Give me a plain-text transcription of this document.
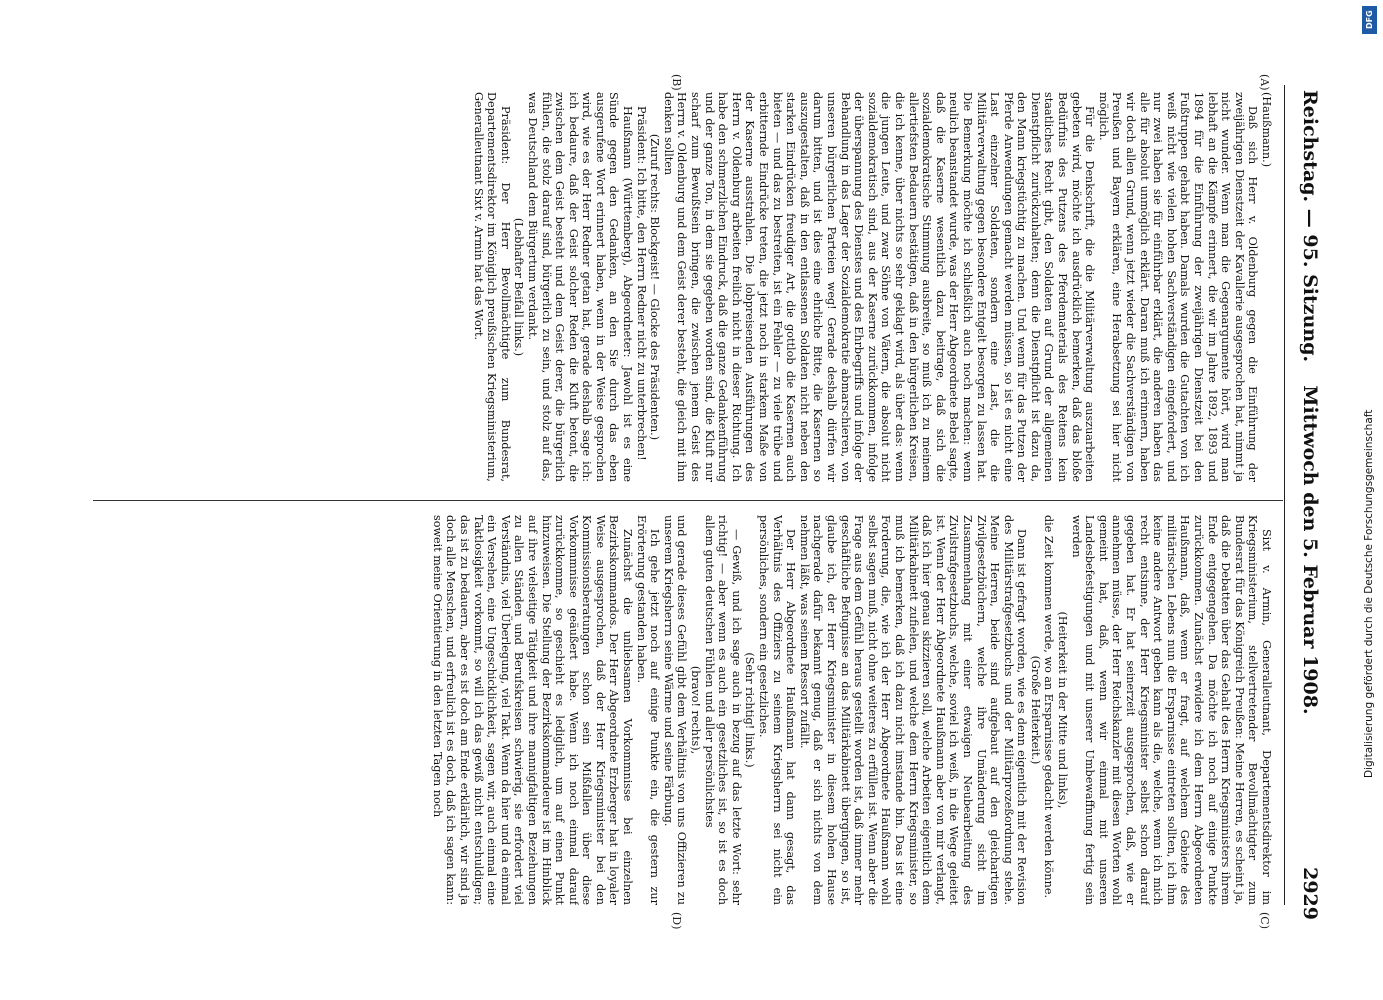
Reichstag. — 95. Sitzung.
Mittwoch den 5. Februar 1908.
2929
(A)
(B)
(C)
(D)

(Haußmann.)

Daß sich Herr v. Oldenburg gegen die Einführung der zweijährigen Dienstzeit der Kavallerie ausgesprochen hat, nimmt ja nicht wunder. Wenn man die Gegenargumente hört, wird man lebhaft an die Kämpfe erinnert, die wir im Jahre 1892, 1893 und 1894 für die Einführung der zweijährigen Dienstzeit bei den Fußtruppen gehabt haben. Damals wurden die Gutachten von ich weiß nicht wie vielen hohen Sachverständigen eingefordert, und nur zwei haben sie für einführbar erklärt, die anderen haben das alle für absolut unmöglich erklärt. Daran muß ich erinnern, haben wir doch allen Grund, wenn jetzt wieder die Sachverständigen von Preußen und Bayern erklären, eine Herabsetzung sei hier nicht möglich.

Für die Denkschrift, die die Militärverwaltung auszuarbeiten gebeten wird, möchte ich ausdrücklich bemerken, daß das bloße Bedürfnis des Putzens des Pferdematerials des Reitens kein staatliches Recht gibt, den Soldaten auf Grund der allgemeinen Dienstpflicht zurückzuhalten; denn die Dienstpflicht ist dazu da, den Mann kriegstüchtig zu machen. Und wenn für das Putzen der Pferde Anwendungen gemacht werden müssen, so ist es nicht eine Last einzelner Soldaten, sondern eine Last, die die Militärverwaltung gegen besondere Entgelt besorgen zu lassen hat. Die Bemerkung möchte ich schließlich auch noch machen: wenn neulich beanstandet wurde, was der Herr Abgeordnete Bebel sagte, daß die Kaserne wesentlich dazu beitrage, daß sich die sozialdemokratische Stimmung ausbreite, so muß ich zu meinem allertiefsten Bedauern bestätigen, daß in den bürgerlichen Kreisen, die ich kenne, über nichts so sehr geklagt wird, als über das: wenn die jungen Leute, und zwar Söhne von Vätern, die absolut nicht sozialdemokratisch sind, aus der Kaserne zurückkommen, infolge der überspannung des Dienstes und des Ehrbegriffs und infolge der Behandlung in das Lager der Sozialdemokratie abmarschieren, von unseren bürgerlichen Parteien weg! Gerade deshalb dürfen wir darum bitten, und ist dies eine ehrliche Bitte, die Kasernen so auszugestalten, daß in den entlassenen Soldaten nicht neben den starken Eindrücken freudiger Art, die gottlob die Kasernen auch bieten — und das zu bestreiten, ist ein Fehler — zu viele trübe und erbitternde Eindrücke treten, die jetzt noch in starkem Maße von der Kaserne ausstrahlen. Die lobpreisenden Ausführungen des Herrn v. Oldenburg arbeiten freilich nicht in dieser Richtung. Ich habe den schmerzlichen Eindruck, daß die ganze Gedankenführung und der ganze Ton, in dem sie gegeben worden sind, die Kluft nur scharf zum Bewußtsein bringen, die zwischen jenem Geist des Herrn v. Oldenburg und dem Geist derer besteht, die gleich mit ihm denken sollten

(Zuruf rechts: Blockgeist! — Glocke des Präsidenten.)

Präsident: Ich bitte, den Herrn Redner nicht zu unterbrechen!

Haußmann (Württemberg), Abgeordneter: Jawohl ist es eine Sünde gegen den Gedanken, an den Sie durch das eben ausgerufene Wort erinnert haben, wenn in der Weise gesprochen wird, wie es der Herr Redner getan hat, gerade deshalb sage ich: ich bedaure, daß der Geist solcher Reden die Kluft betont, die zwischen dem Geist besteht und dem Geist derer, die bürgerlich fühlen, die stolz darauf sind, bürgerlich zu sein, und stolz auf das, was Deutschland dem Bürgertum verdankt.

(Lebhafter Beifall links.)

Präsident: Der Herr Bevollmächtigte zum Bundesrat, Departementsdirektor im Königlich preußischen Kriegsministerium, Generalleutnant Sixt v. Armin hat das Wort.

Sixt v. Armin, Generalleutnant, Departementsdirektor im Kriegsministerium, stellvertretender Bevollmächtigter zum Bundesrat für das Königreich Preußen: Meine Herren, es scheint ja, daß die Debatten über das Gehalt des Herrn Kriegsministers ihrem Ende entgegengehen. Da möchte ich noch auf einige Punkte zurückkommen. Zunächst erwidere ich dem Herrn Abgeordneten Haußmann, daß, wenn er fragt, auf welchem Gebiete des militärischen Lebens nun die Ersparnisse eintreten sollten, ich ihm keine andere Antwort geben kann als die, welche, wenn ich mich recht entsinne, der Herr Kriegsminister selbst schon darauf gegeben hat. Er hat seinerzeit ausgesprochen, daß, wie er annehmen müsse, der Herr Reichskanzler mit diesen Worten wohl gemeint hat, daß, wenn wir einmal mit unseren Landesbefestigungen und mit unserer Umbewaffnung fertig sein werden

(Heiterkeit in der Mitte und links),

die Zeit kommen werde, wo an Ersparnisse gedacht werden könne.

(Große Heiterkeit.)

Dann ist gefragt worden, wie es denn eigentlich mit der Revision des Militärstrafgesetzbuchs und der Militärprozeßordnung stehe. Meine Herren, beide sind aufgebaut auf den gleichartigen Zivilgesetzbüchern, welche ihre Umänderung sicht im Zusammenhang mit einer etwaigen Neubearbeitung des Zivilstrafgesetzbuchs, welche, soviel ich weiß, in die Wege geleitet ist. Wenn der Herr Abgeordnete Haußmann aber von mir verlangt, daß ich hier genau skizzieren soll, welche Arbeiten eigentlich dem Militärkabinett zufielen, und welche dem Herrn Kriegsminister, so muß ich bemerken, daß ich dazu nicht imstande bin. Das ist eine Forderung, die, wie ich der Herr Abgeordnete Haußmann wohl selbst sagen muß, nicht ohne weiteres zu erfüllen ist. Wenn aber die Frage aus dem Gefühl heraus gestellt worden ist, daß immer mehr geschäftliche Befugnisse an das Militärkabinett übergingen, so ist, glaube ich, der Herr Kriegsminister in diesem hohen Hause nachgerade dafür bekannt genug, daß er sich nichts von dem nehmen läßt, was seinem Ressort zufällt.

Der Herr Abgeordnete Haußmann hat dann gesagt, das Verhältnis des Offiziers zu seinem Kriegsherrn sei nicht ein persönliches, sondern ein gesetzliches.

(Sehr richtig! links.)

— Gewiß, und ich sage auch in bezug auf das letzte Wort: sehr richtig! — aber wenn es auch ein gesetzliches ist, so ist es doch allem guten deutschen Fühlen und aller persönlichstes

(bravo! rechts),

und gerade dieses Gefühl gibt dem Verhältnis von uns Offizieren zu unserem Kriegsherrn seine Wärme und seine Färbung.

Ich gehe jetzt noch auf einige Punkte ein, die gestern zur Erörterung gestanden haben.

Zunächst die unliebsamen Vorkommnisse bei einzelnen Bezirkskommandos. Der Herr Abgeordnete Erzberger hat in loyaler Weise ausgesprochen, daß der Herr Kriegsminister bei den Kommissionsberatungen schon sein Mißfallen über diese Vorkommnisse geäußert habe. Wenn ich noch einmal darauf zurückkomme, so geschieht es lediglich, um auf einen Punkt hinzuweisen. Die Stellung der Bezirkskommandeure ist im Hinblick auf ihre vielseitige Tätigkeit und ihre mannigfaltigen Beziehungen zu allen Ständen und Berufskreisen schwierig, sie erfordert viel Verständnis, viel Überlegung, viel Takt. Wenn da hier und da einmal ein Versehen, eine Ungeschicklichkeit, sagen wir, auch einmal eine Taktlosigkeit vorkommt, so will ich das gewiß nicht entschuldigen; das ist zu bedauern, aber es ist doch am Ende erklärlich, wir sind ja doch alle Menschen, und erfreulich ist es doch, daß ich sagen kann: soweit meine Orientierung in den letzten Tagen noch

DFG
Digitalisierung gefördert durch die Deutsche Forschungsgemeinschaft
